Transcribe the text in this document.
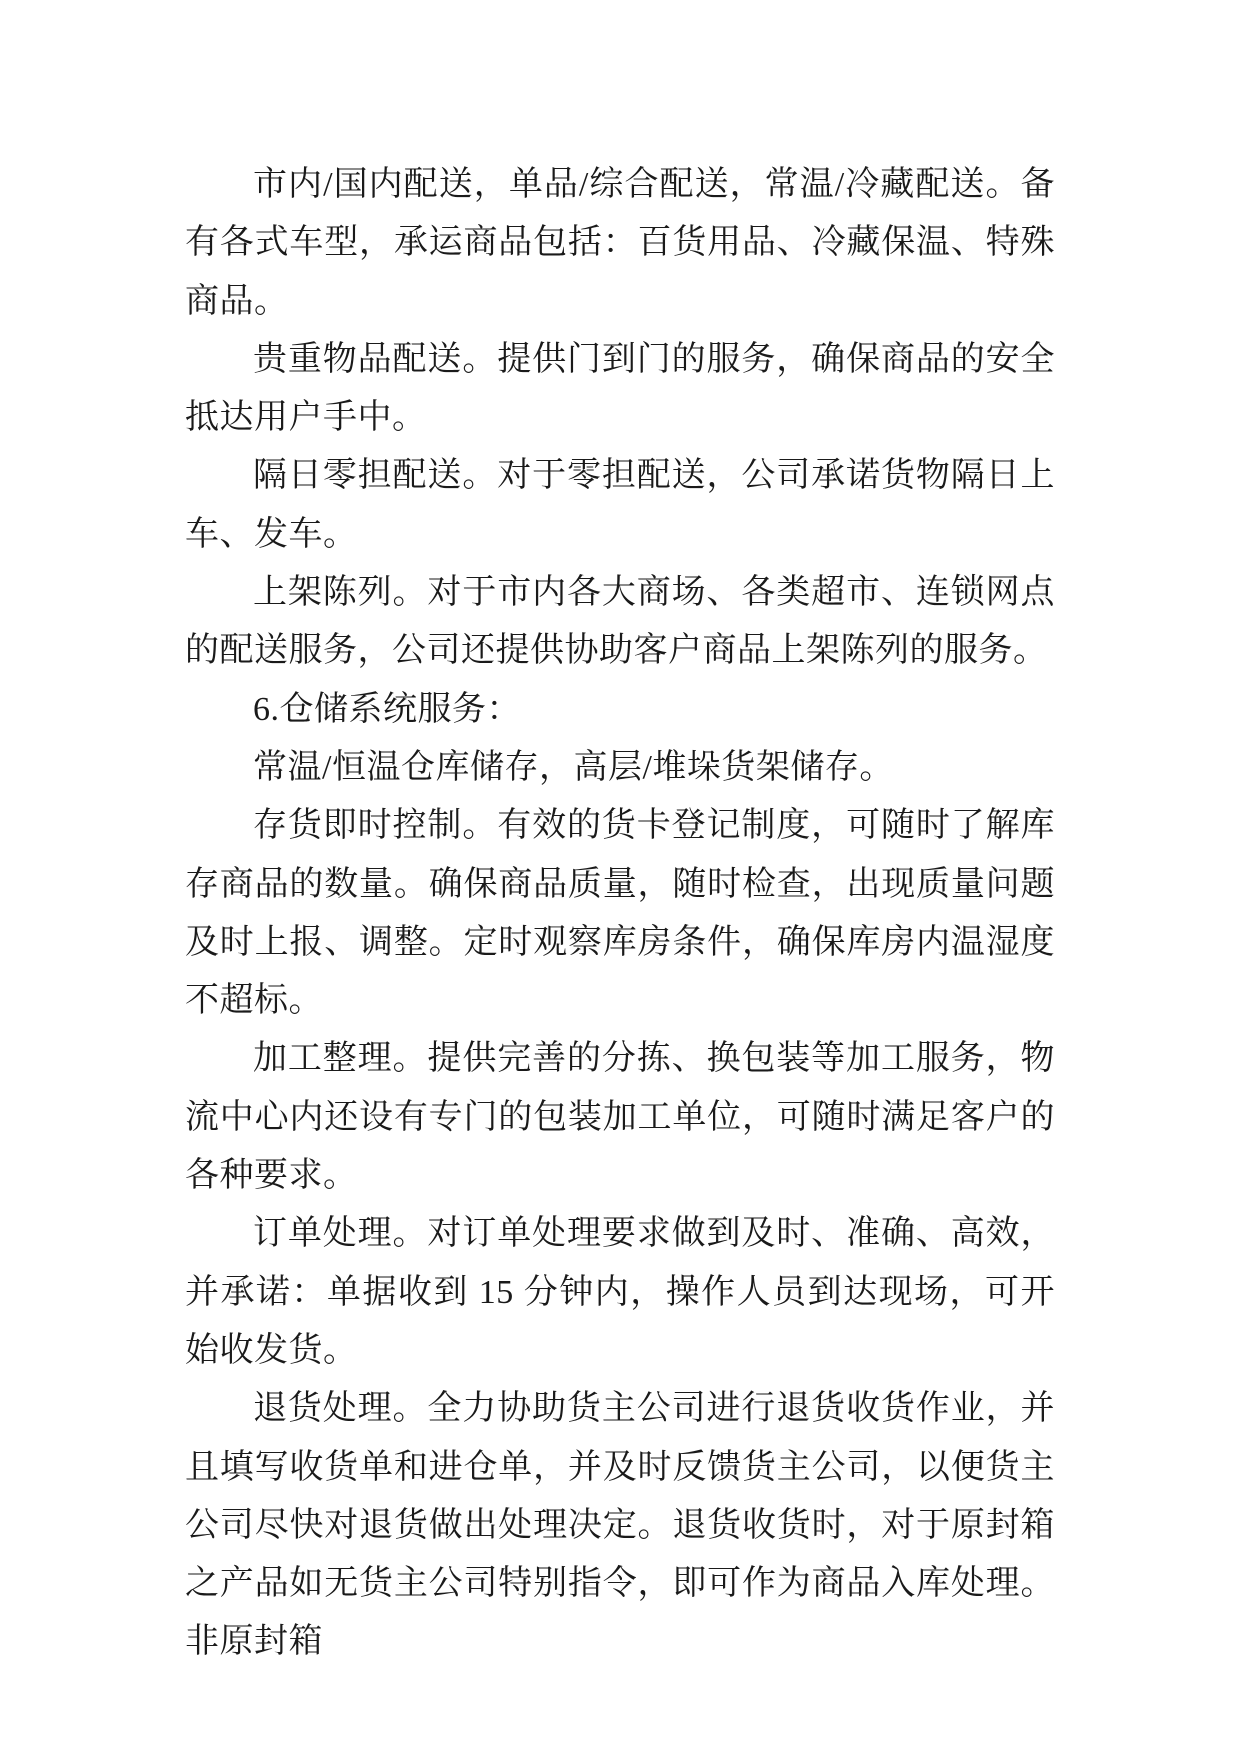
市内/国内配送，单品/综合配送，常温/冷藏配送。备有各式车型，承运商品包括：百货用品、冷藏保温、特殊商品。

贵重物品配送。提供门到门的服务，确保商品的安全抵达用户手中。

隔日零担配送。对于零担配送，公司承诺货物隔日上车、发车。

上架陈列。对于市内各大商场、各类超市、连锁网点的配送服务，公司还提供协助客户商品上架陈列的服务。

6.仓储系统服务：

常温/恒温仓库储存，高层/堆垛货架储存。

存货即时控制。有效的货卡登记制度，可随时了解库存商品的数量。确保商品质量，随时检查，出现质量问题及时上报、调整。定时观察库房条件，确保库房内温湿度不超标。

加工整理。提供完善的分拣、换包装等加工服务，物流中心内还设有专门的包装加工单位，可随时满足客户的各种要求。

订单处理。对订单处理要求做到及时、准确、高效，并承诺：单据收到 15 分钟内，操作人员到达现场，可开始收发货。

退货处理。全力协助货主公司进行退货收货作业，并且填写收货单和进仓单，并及时反馈货主公司，以便货主公司尽快对退货做出处理决定。退货收货时，对于原封箱之产品如无货主公司特别指令，即可作为商品入库处理。非原封箱
